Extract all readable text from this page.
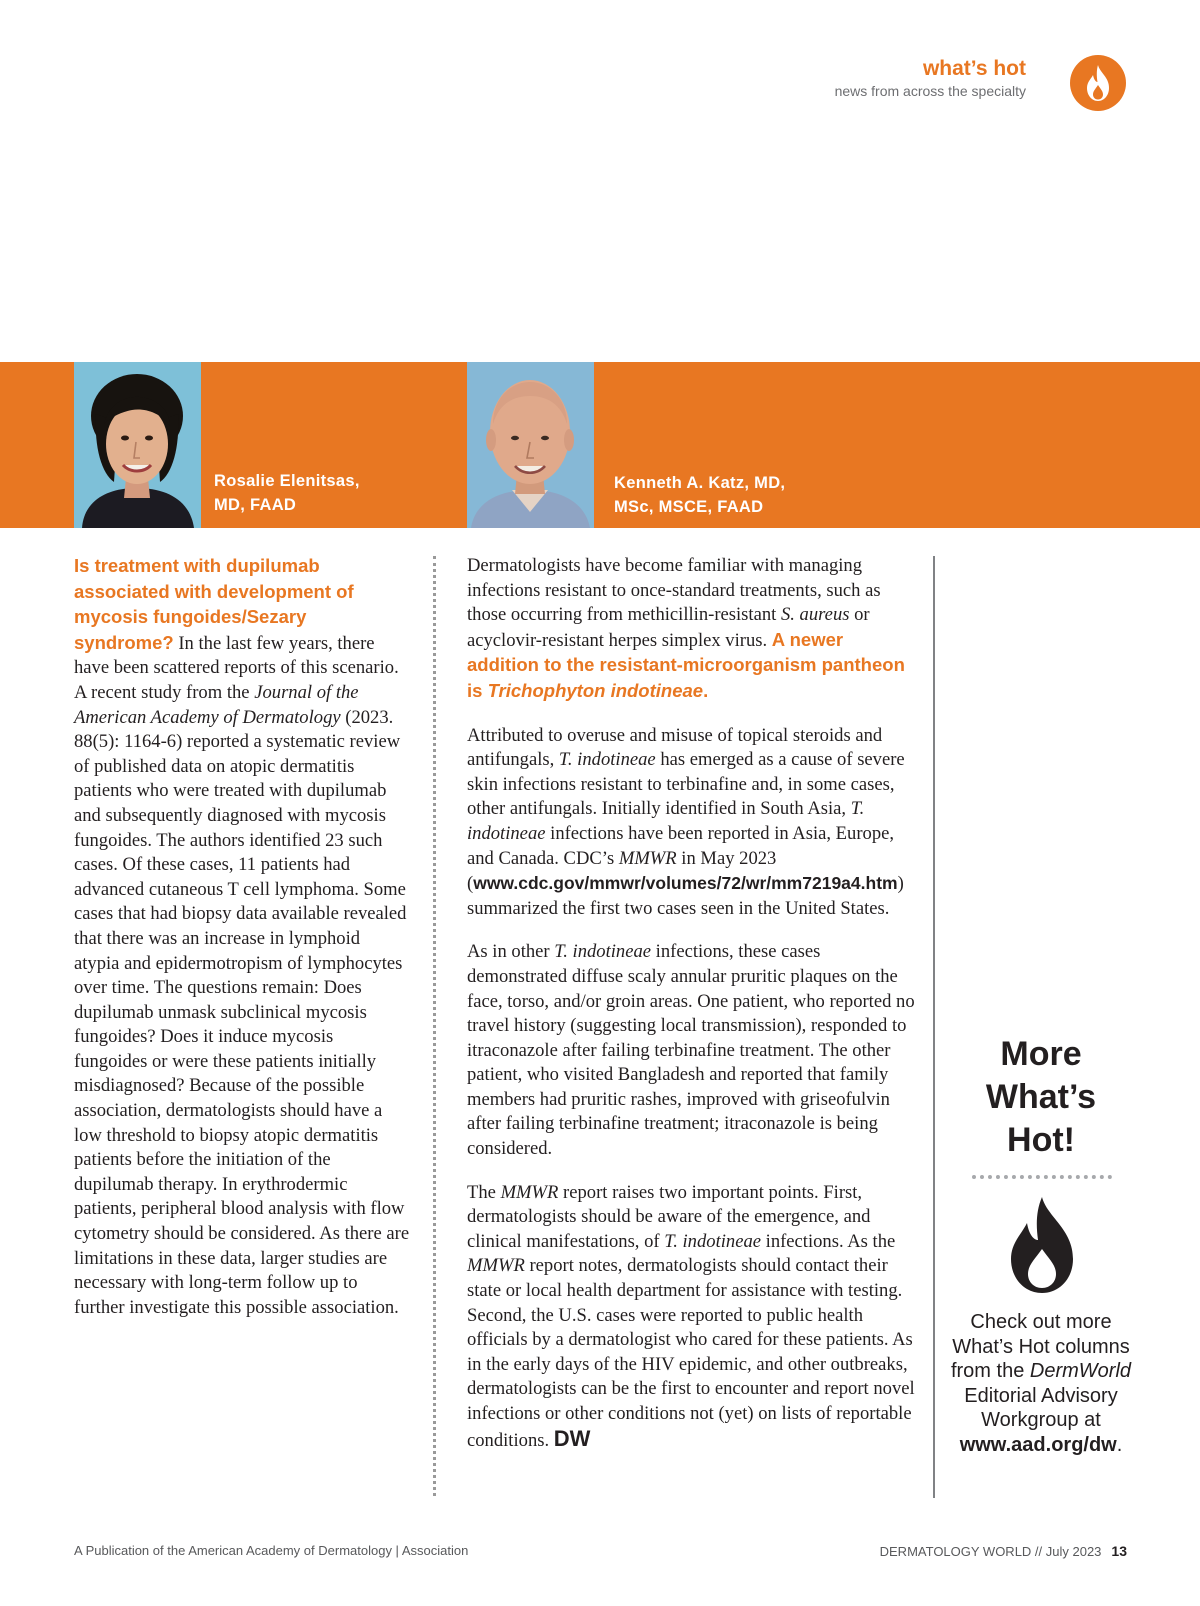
what’s hot
news from across the specialty
Rosalie Elenitsas,
MD, FAAD
Kenneth A. Katz, MD,
MSc, MSCE, FAAD
Is treatment with dupilumab associated with development of mycosis fungoides/Sezary syndrome? In the last few years, there have been scattered reports of this scenario. A recent study from the Journal of the American Academy of Dermatology (2023. 88(5): 1164-6) reported a systematic review of published data on atopic dermatitis patients who were treated with dupilumab and subsequently diagnosed with mycosis fungoides. The authors identified 23 such cases. Of these cases, 11 patients had advanced cutaneous T cell lymphoma. Some cases that had biopsy data available revealed that there was an increase in lymphoid atypia and epidermotropism of lymphocytes over time. The questions remain: Does dupilumab unmask subclinical mycosis fungoides? Does it induce mycosis fungoides or were these patients initially misdiagnosed? Because of the possible association, dermatologists should have a low threshold to biopsy atopic dermatitis patients before the initiation of the dupilumab therapy. In erythrodermic patients, peripheral blood analysis with flow cytometry should be considered. As there are limitations in these data, larger studies are necessary with long-term follow up to further investigate this possible association.

Dermatologists have become familiar with managing infections resistant to once-standard treatments, such as those occurring from methicillin-resistant S. aureus or acyclovir-resistant herpes simplex virus. A newer addition to the resistant-microorganism pantheon is Trichophyton indotineae.

Attributed to overuse and misuse of topical steroids and antifungals, T. indotineae has emerged as a cause of severe skin infections resistant to terbinafine and, in some cases, other antifungals. Initially identified in South Asia, T. indotineae infections have been reported in Asia, Europe, and Canada. CDC’s MMWR in May 2023 (www.cdc.gov/mmwr/volumes/72/wr/mm7219a4.htm) summarized the first two cases seen in the United States.

As in other T. indotineae infections, these cases demonstrated diffuse scaly annular pruritic plaques on the face, torso, and/or groin areas. One patient, who reported no travel history (suggesting local transmission), responded to itraconazole after failing terbinafine treatment. The other patient, who visited Bangladesh and reported that family members had pruritic rashes, improved with griseofulvin after failing terbinafine treatment; itraconazole is being considered.

The MMWR report raises two important points. First, dermatologists should be aware of the emergence, and clinical manifestations, of T. indotineae infections. As the MMWR report notes, dermatologists should contact their state or local health department for assistance with testing. Second, the U.S. cases were reported to public health officials by a dermatologist who cared for these patients. As in the early days of the HIV epidemic, and other outbreaks, dermatologists can be the first to encounter and report novel infections or other conditions not (yet) on lists of reportable conditions. DW

More
What’s
Hot!
Check out more What’s Hot columns from the DermWorld Editorial Advisory Workgroup at www.aad.org/dw.
A Publication of the American Academy of Dermatology | Association	DERMATOLOGY WORLD // July 2023 13
